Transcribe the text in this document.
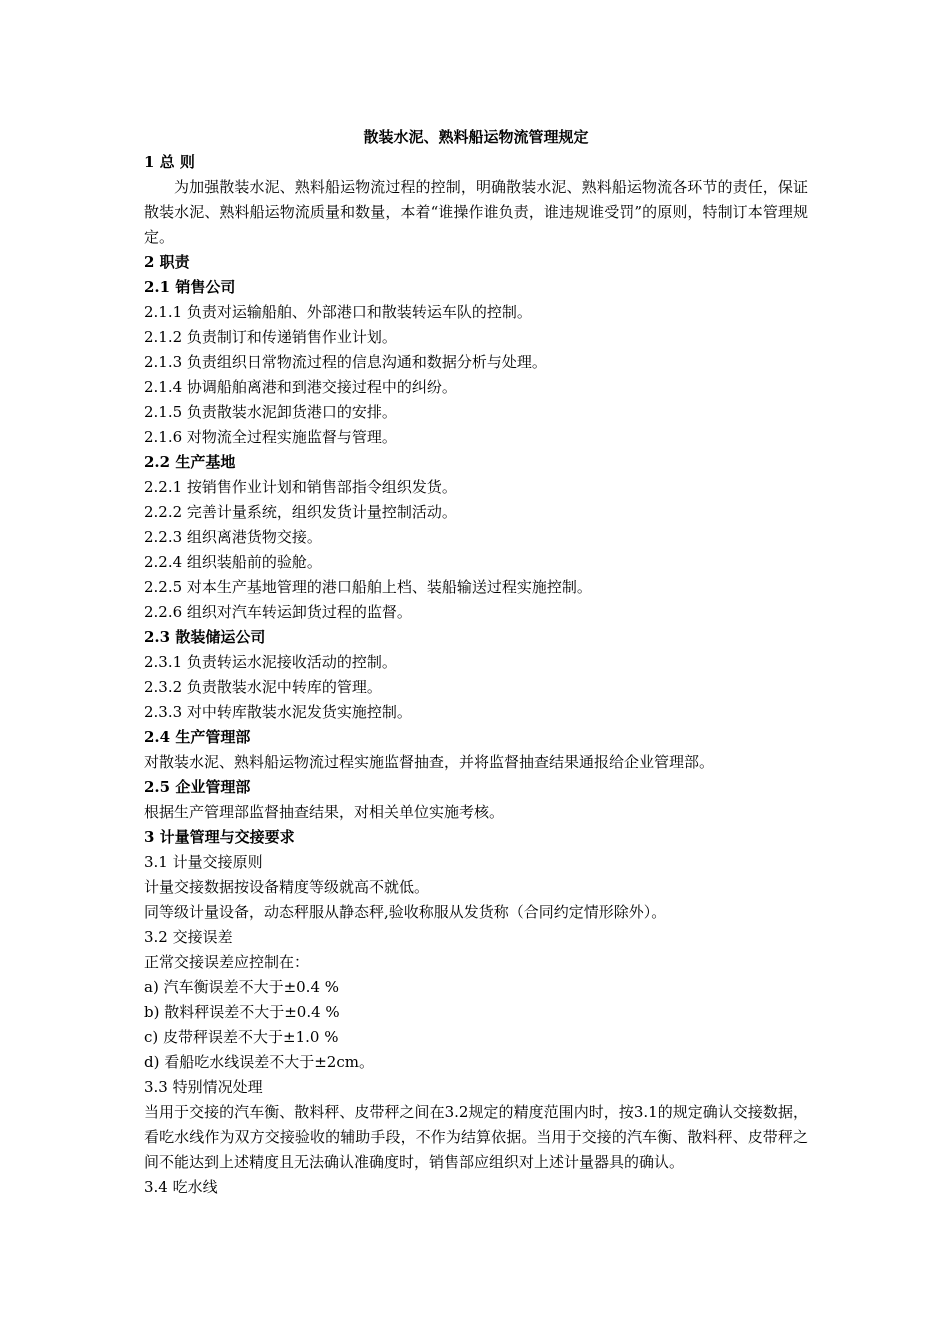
散装水泥、熟料船运物流管理规定
1 总 则
为加强散装水泥、熟料船运物流过程的控制，明确散装水泥、熟料船运物流各环节的责任，保证散装水泥、熟料船运物流质量和数量，本着“谁操作谁负责，谁违规谁受罚”的原则，特制订本管理规定。
2 职责
2.1 销售公司
2.1.1 负责对运输船舶、外部港口和散装转运车队的控制。
2.1.2 负责制订和传递销售作业计划。
2.1.3 负责组织日常物流过程的信息沟通和数据分析与处理。
2.1.4 协调船舶离港和到港交接过程中的纠纷。
2.1.5 负责散装水泥卸货港口的安排。
2.1.6 对物流全过程实施监督与管理。
2.2 生产基地
2.2.1 按销售作业计划和销售部指令组织发货。
2.2.2 完善计量系统，组织发货计量控制活动。
2.2.3 组织离港货物交接。
2.2.4 组织装船前的验舱。
2.2.5 对本生产基地管理的港口船舶上档、装船输送过程实施控制。
2.2.6 组织对汽车转运卸货过程的监督。
2.3 散装储运公司
2.3.1 负责转运水泥接收活动的控制。
2.3.2 负责散装水泥中转库的管理。
2.3.3 对中转库散装水泥发货实施控制。
2.4 生产管理部
对散装水泥、熟料船运物流过程实施监督抽查，并将监督抽查结果通报给企业管理部。
2.5 企业管理部
根据生产管理部监督抽查结果，对相关单位实施考核。
3 计量管理与交接要求
3.1 计量交接原则
计量交接数据按设备精度等级就高不就低。
同等级计量设备，动态秤服从静态秤,验收称服从发货称（合同约定情形除外）。
3.2 交接误差
正常交接误差应控制在：
a) 汽车衡误差不大于±0.4 %
b) 散料秤误差不大于±0.4 %
c) 皮带秤误差不大于±1.0 %
d) 看船吃水线误差不大于±2cm。
3.3 特别情况处理
当用于交接的汽车衡、散料秤、皮带秤之间在3.2规定的精度范围内时，按3.1的规定确认交接数据，看吃水线作为双方交接验收的辅助手段，不作为结算依据。当用于交接的汽车衡、散料秤、皮带秤之间不能达到上述精度且无法确认准确度时，销售部应组织对上述计量器具的确认。
3.4 吃水线
